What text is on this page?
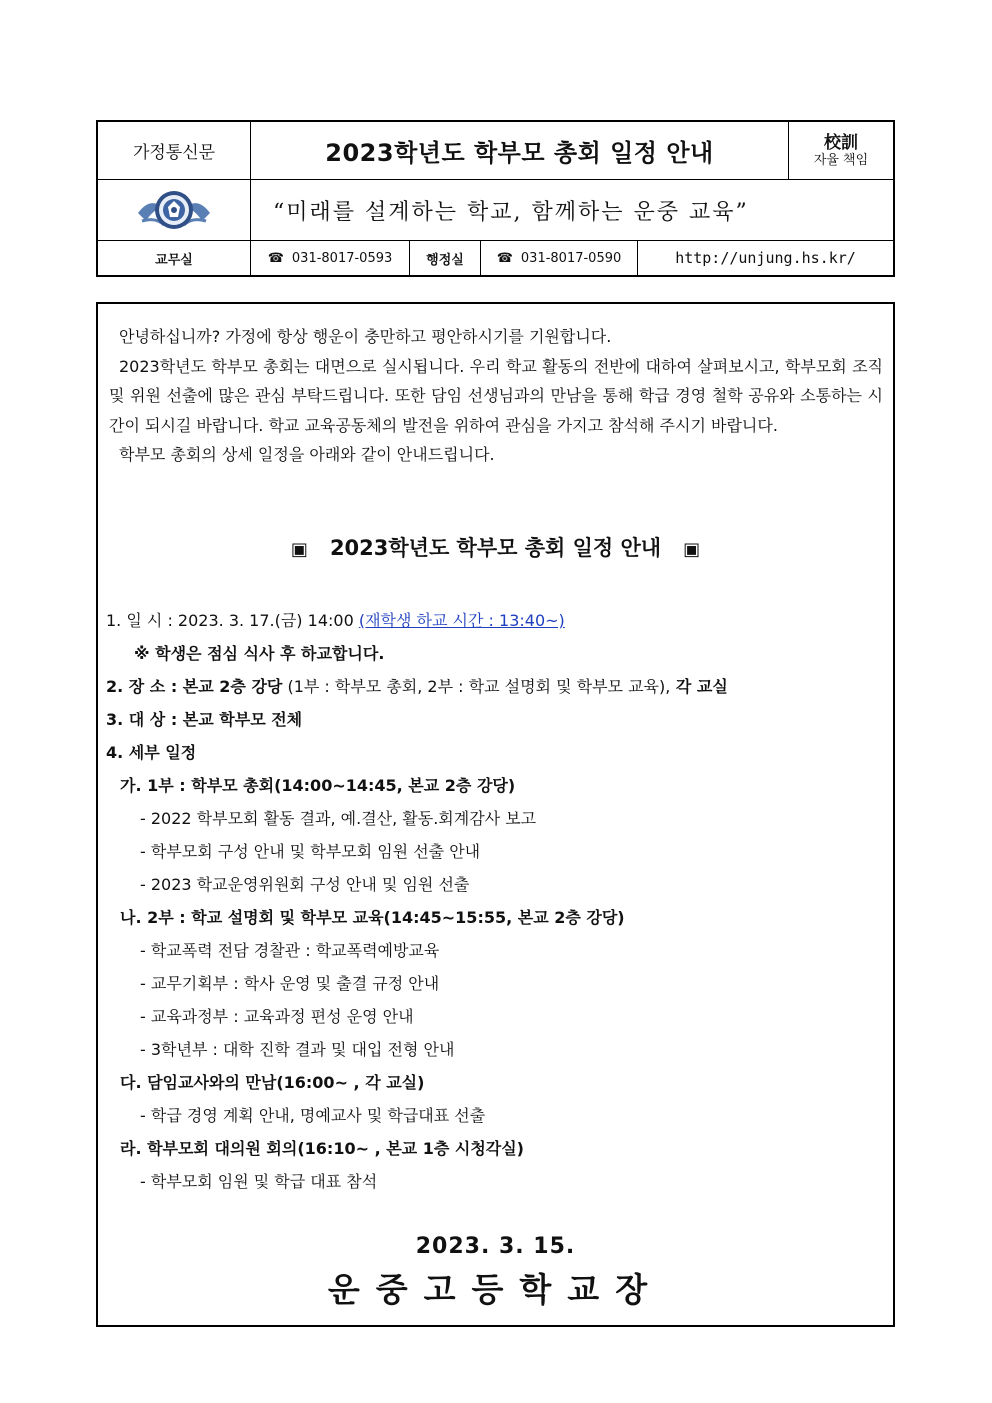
가정통신문	2023학년도 학부모 총회 일정 안내	校訓
자율 책임
“미래를 설계하는 학교, 함께하는 운중 교육”
교무실	☎ 031-8017-0593	행정실	☎ 031-8017-0590	http://unjung.hs.kr/

안녕하십니까? 가정에 항상 행운이 충만하고 평안하시기를 기원합니다.

2023학년도 학부모 총회는 대면으로 실시됩니다. 우리 학교 활동의 전반에 대하여 살펴보시고, 학부모회 조직 및 위원 선출에 많은 관심 부탁드립니다. 또한 담임 선생님과의 만남을 통해 학급 경영 철학 공유와 소통하는 시간이 되시길 바랍니다. 학교 교육공동체의 발전을 위하여 관심을 가지고 참석해 주시기 바랍니다.

학부모 총회의 상세 일정을 아래와 같이 안내드립니다.

▣ 2023학년도 학부모 총회 일정 안내 ▣
1. 일 시 : 2023. 3. 17.(금) 14:00 (재학생 하교 시간 : 13:40~)
※ 학생은 점심 식사 후 하교합니다.
2. 장 소 : 본교 2층 강당 (1부 : 학부모 총회, 2부 : 학교 설명회 및 학부모 교육), 각 교실
3. 대 상 : 본교 학부모 전체
4. 세부 일정
가. 1부 : 학부모 총회(14:00~14:45, 본교 2층 강당)
- 2022 학부모회 활동 결과, 예.결산, 활동.회계감사 보고
- 학부모회 구성 안내 및 학부모회 임원 선출 안내
- 2023 학교운영위원회 구성 안내 및 임원 선출
나. 2부 : 학교 설명회 및 학부모 교육(14:45~15:55, 본교 2층 강당)
- 학교폭력 전담 경찰관 : 학교폭력예방교육
- 교무기획부 : 학사 운영 및 출결 규정 안내
- 교육과정부 : 교육과정 편성 운영 안내
- 3학년부 : 대학 진학 결과 및 대입 전형 안내
다. 담임교사와의 만남(16:00~ , 각 교실)
- 학급 경영 계획 안내, 명예교사 및 학급대표 선출
라. 학부모회 대의원 회의(16:10~ , 본교 1층 시청각실)
- 학부모회 임원 및 학급 대표 참석
2023. 3. 15.
운중고등학교장
